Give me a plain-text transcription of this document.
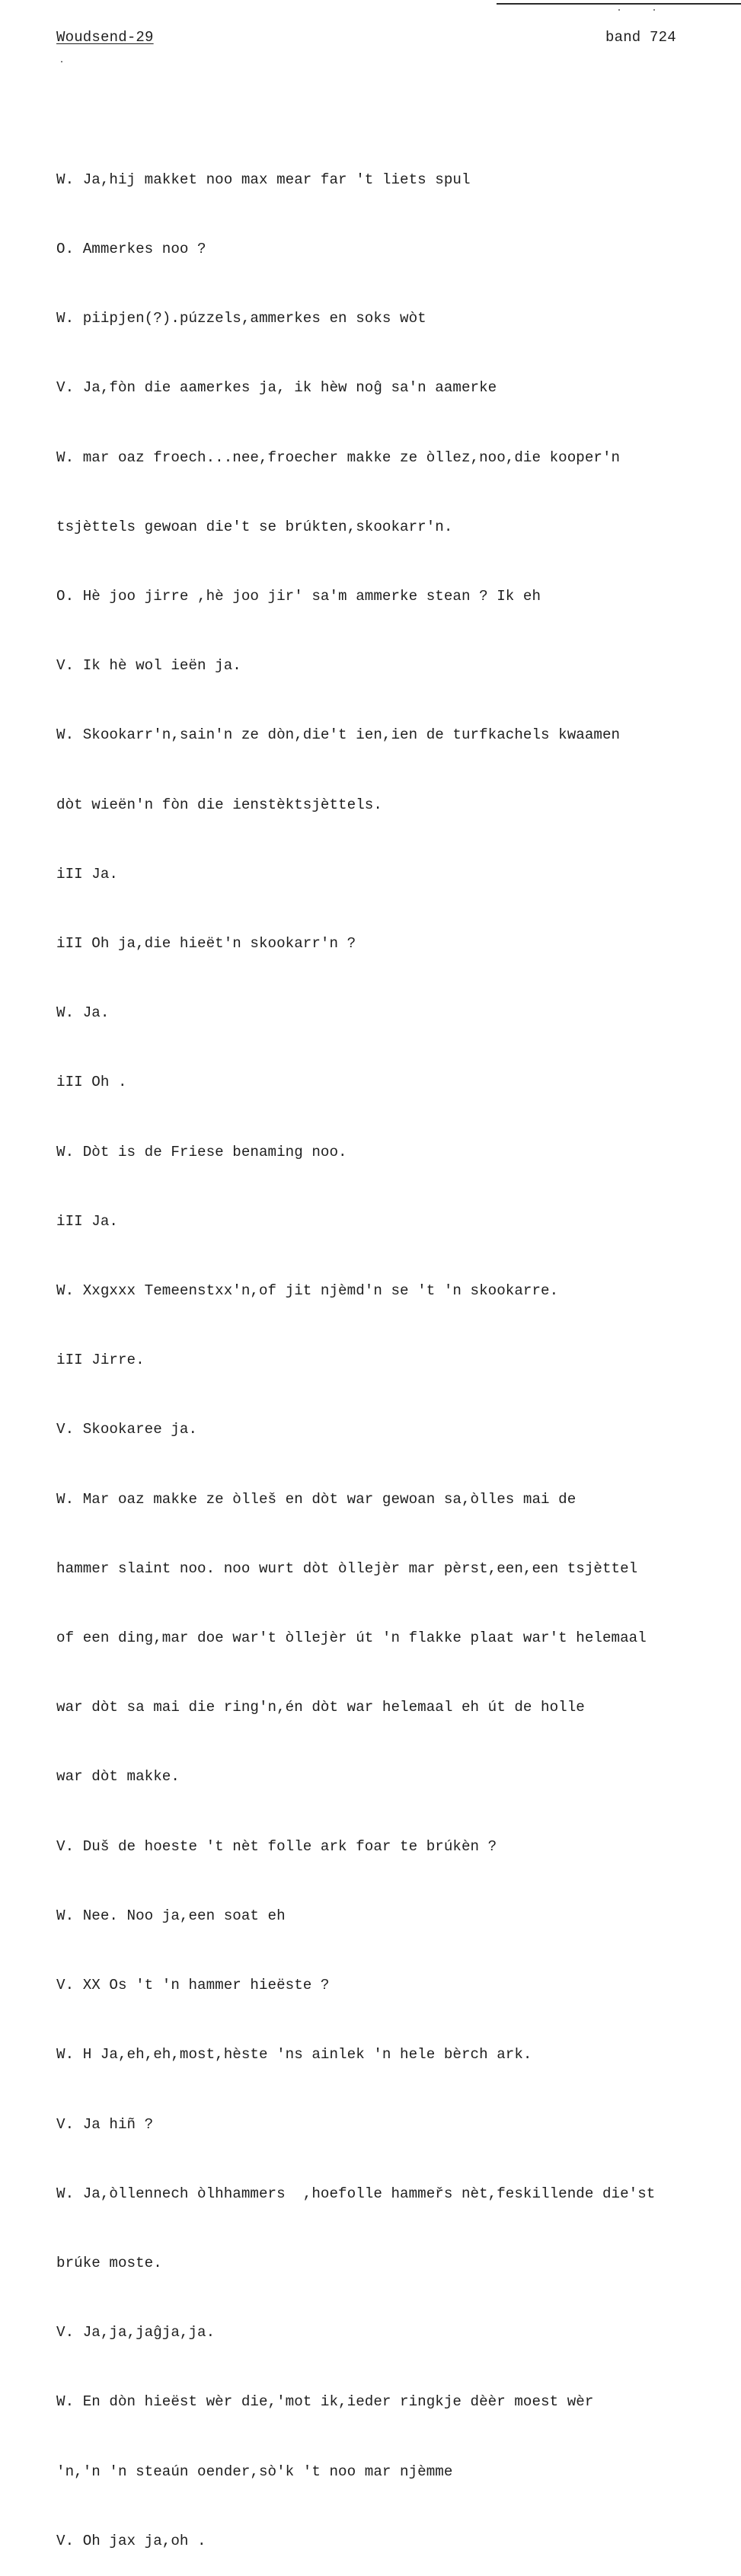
Woudsend-29	band 724

W. Ja,hij makket noo max mear far 't liets spul

O. Ammerkes noo ?

W. piipjen(?).púzzels,ammerkes en soks wòt

V. Ja,fòn die aamerkes ja, ik hèw noĝ sa'n aamerke

W. mar oaz froech...nee,froecher makke ze òllez,noo,die kooper'n

tsjèttels gewoan die't se brúkten,skookarr'n.

O. Hè joo jirre ,hè joo jir' sa'm ammerke stean ? Ik eh

V. Ik hè wol ieën ja.

W. Skookarr'n,sain'n ze dòn,die't ien,ien de turfkachels kwaamen

dòt wieën'n fòn die ienstèktsjèttels.

iII Ja.

iII Oh ja,die hieët'n skookarr'n ?

W. Ja.

iII Oh .

W. Dòt is de Friese benaming noo.

iII Ja.

W. Xxgxxx Temeenstxx'n,of jit njèmd'n se 't 'n skookarre.

iII Jirre.

V. Skookaree ja.

W. Mar oaz makke ze òlleš en dòt war gewoan sa,òlles mai de

hammer slaint noo. noo wurt dòt òllejèr mar pèrst,een,een tsjèttel

of een ding,mar doe war't òllejèr út 'n flakke plaat war't helemaal

war dòt sa mai die ring'n,én dòt war helemaal eh út de holle

war dòt makke.

V. Duš de hoeste 't nèt folle ark foar te brúkèn ?

W. Nee. Noo ja,een soat eh

V. XX Os 't 'n hammer hieëste ?

W. H Ja,eh,eh,most,hèste 'ns ainlek 'n hele bèrch ark.

V. Ja hiñ ?

W. Ja,òllennech òlhhammers  ,hoefolle hammeřs nèt,feskillende die'st

brúke moste.

V. Ja,ja,jaĝja,ja.

W. En dòn hieëst wèr die,'mot ik,ieder ringkje dèèr moest wèr

'n,'n 'n steaún oender,sò'k 't noo mar njèmme

V. Oh jax ja,oh .
